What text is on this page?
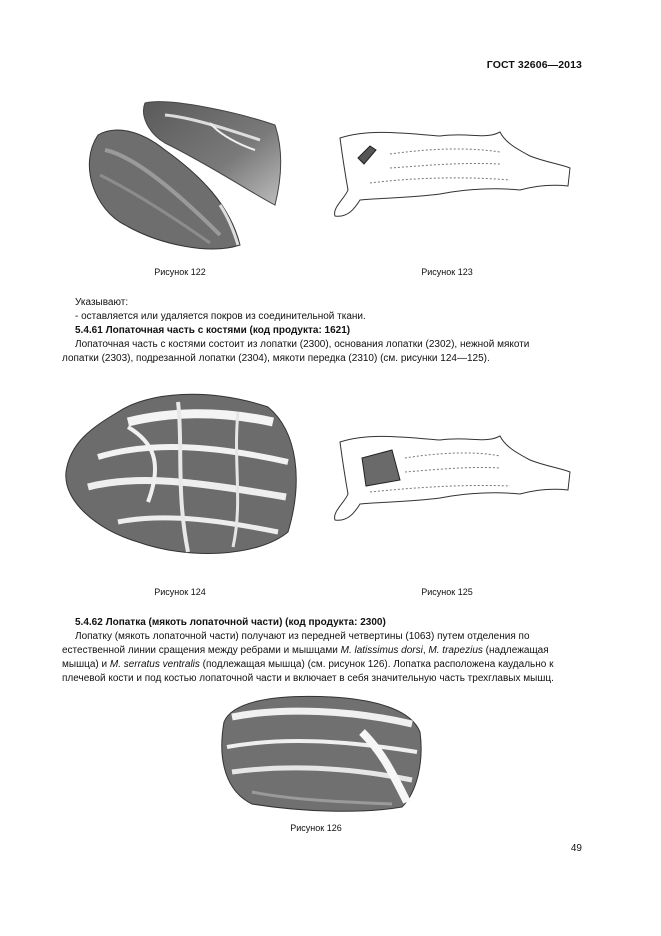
ГОСТ 32606—2013
Рисунок 122	Рисунок 123
Указывают:
- оставляется или удаляется покров из соединительной ткани.
5.4.61 Лопаточная часть с костями (код продукта: 1621)
Лопаточная часть с костями состоит из лопатки (2300), основания лопатки (2302), нежной мякоти
лопатки (2303), подрезанной лопатки (2304), мякоти передка (2310) (см. рисунки 124—125).
Рисунок 124	Рисунок 125
5.4.62 Лопатка (мякоть лопаточной части) (код продукта: 2300)
Лопатку (мякоть лопаточной части) получают из передней четвертины (1063) путем отделения по
естественной линии сращения между ребрами и мышцами M. latissimus dorsi, M. trapezius (надлежащая
мышца) и M. serratus ventralis (подлежащая мышца) (см. рисунок 126). Лопатка расположена каудально к
плечевой кости и под костью лопаточной части и включает в себя значительную часть трехглавых мышц.
Рисунок 126
49
